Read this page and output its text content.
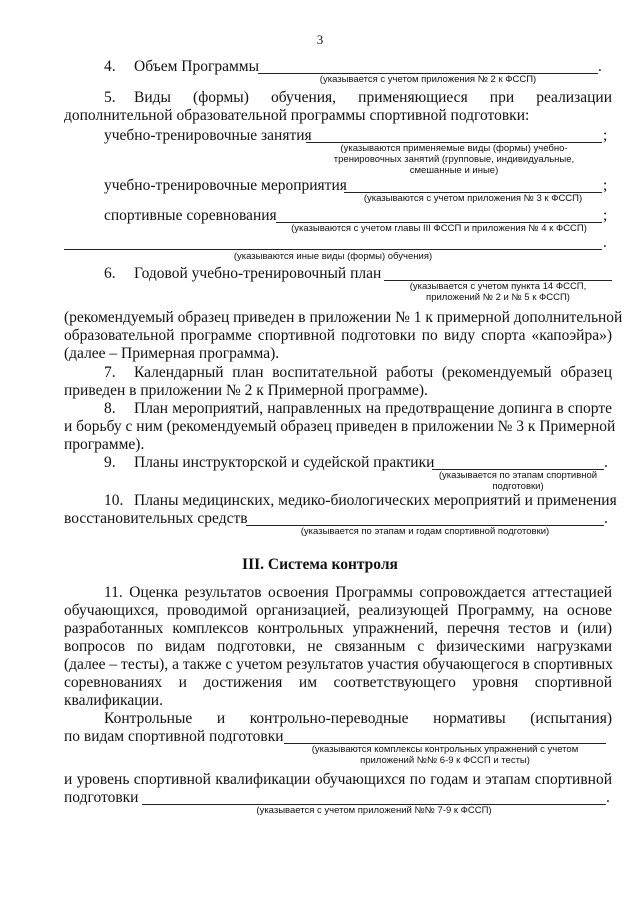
3
4. Объем Программы	.
(указывается с учетом приложения № 2 к ФССП)
5. Виды (формы) обучения, применяющиеся при реализации
дополнительной образовательной программы спортивной подготовки:
учебно-тренировочные занятия	;
(указываются применяемые виды (формы) учебно-
тренировочных занятий (групповые, индивидуальные,
смешанные и иные)
учебно-тренировочные мероприятия	;
(указываются с учетом приложения № 3 к ФССП)
спортивные соревнования	;
(указываются с учетом главы III ФССП и приложения № 4 к ФССП)
.
(указываются иные виды (формы) обучения)
6. Годовой учебно-тренировочный план
(указывается с учетом пункта 14 ФССП,
приложений № 2 и № 5 к ФССП)
(рекомендуемый образец приведен в приложении № 1 к примерной дополнительной
образовательной программе спортивной подготовки по виду спорта «капоэйра»)
(далее – Примерная программа).
7. Календарный план воспитательной работы (рекомендуемый образец
приведен в приложении № 2 к Примерной программе).
8. План мероприятий, направленных на предотвращение допинга в спорте
и борьбу с ним (рекомендуемый образец приведен в приложении № 3 к Примерной
программе).
9. Планы инструкторской и судейской практики	.
(указывается по этапам спортивной
подготовки)
10. Планы медицинских, медико-биологических мероприятий и применения
восстановительных средств	.
(указывается по этапам и годам спортивной подготовки)
III. Система контроля
11. Оценка результатов освоения Программы сопровождается аттестацией
обучающихся, проводимой организацией, реализующей Программу, на основе
разработанных комплексов контрольных упражнений, перечня тестов и (или)
вопросов по видам подготовки, не связанным с физическими нагрузками
(далее – тесты), а также с учетом результатов участия обучающегося в спортивных
соревнованиях и достижения им соответствующего уровня спортивной
квалификации.
Контрольные и контрольно-переводные нормативы (испытания)
по видам спортивной подготовки
(указываются комплексы контрольных упражнений с учетом
приложений №№ 6-9 к ФССП и тесты)
и уровень спортивной квалификации обучающихся по годам и этапам спортивной
подготовки	.
(указывается с учетом приложений №№ 7-9 к ФССП)
